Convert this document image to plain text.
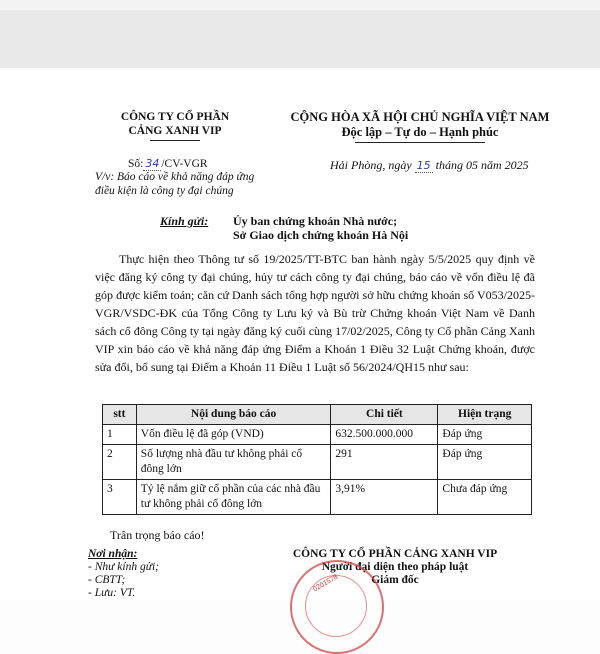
CÔNG TY CỔ PHẦN
CẢNG XANH VIP
CỘNG HÒA XÃ HỘI CHỦ NGHĨA VIỆT NAM
Độc lập – Tự do – Hạnh phúc
Số: 34 /CV-VGR
V/v: Báo cáo về khả năng đáp ứng điều kiện là công ty đại chúng
Hải Phòng, ngày 15 tháng 05 năm 2025
Kính gửi: Ủy ban chứng khoán Nhà nước;
Sở Giao dịch chứng khoán Hà Nội
Thực hiện theo Thông tư số 19/2025/TT-BTC ban hành ngày 5/5/2025 quy định về việc đăng ký công ty đại chúng, hủy tư cách công ty đại chúng, báo cáo về vốn điều lệ đã góp được kiểm toán; căn cứ Danh sách tổng hợp người sở hữu chứng khoán số V053/2025-VGR/VSDC-ĐK của Tổng Công ty Lưu ký và Bù trừ Chứng khoán Việt Nam về Danh sách cổ đông Công ty tại ngày đăng ký cuối cùng 17/02/2025, Công ty Cổ phần Cảng Xanh VIP xin báo cáo về khả năng đáp ứng Điểm a Khoản 1 Điều 32 Luật Chứng khoán, được sửa đổi, bổ sung tại Điểm a Khoản 11 Điều 1 Luật số 56/2024/QH15 như sau:
stt	Nội dung báo cáo	Chi tiết	Hiện trạng
1	Vốn điều lệ đã góp (VND)	632.500.000.000	Đáp ứng
2	Số lượng nhà đầu tư không phải cổ đông lớn	291	Đáp ứng
3	Tỷ lệ nắm giữ cổ phần của các nhà đầu tư không phải cổ đông lớn	3,91%	Chưa đáp ứng
Trân trọng báo cáo!
Nơi nhận:
- Như kính gửi;
- CBTT;
- Lưu: VT.
CÔNG TY CỔ PHẦN CẢNG XANH VIP
Người đại diện theo pháp luật
Giám đốc
0201578
